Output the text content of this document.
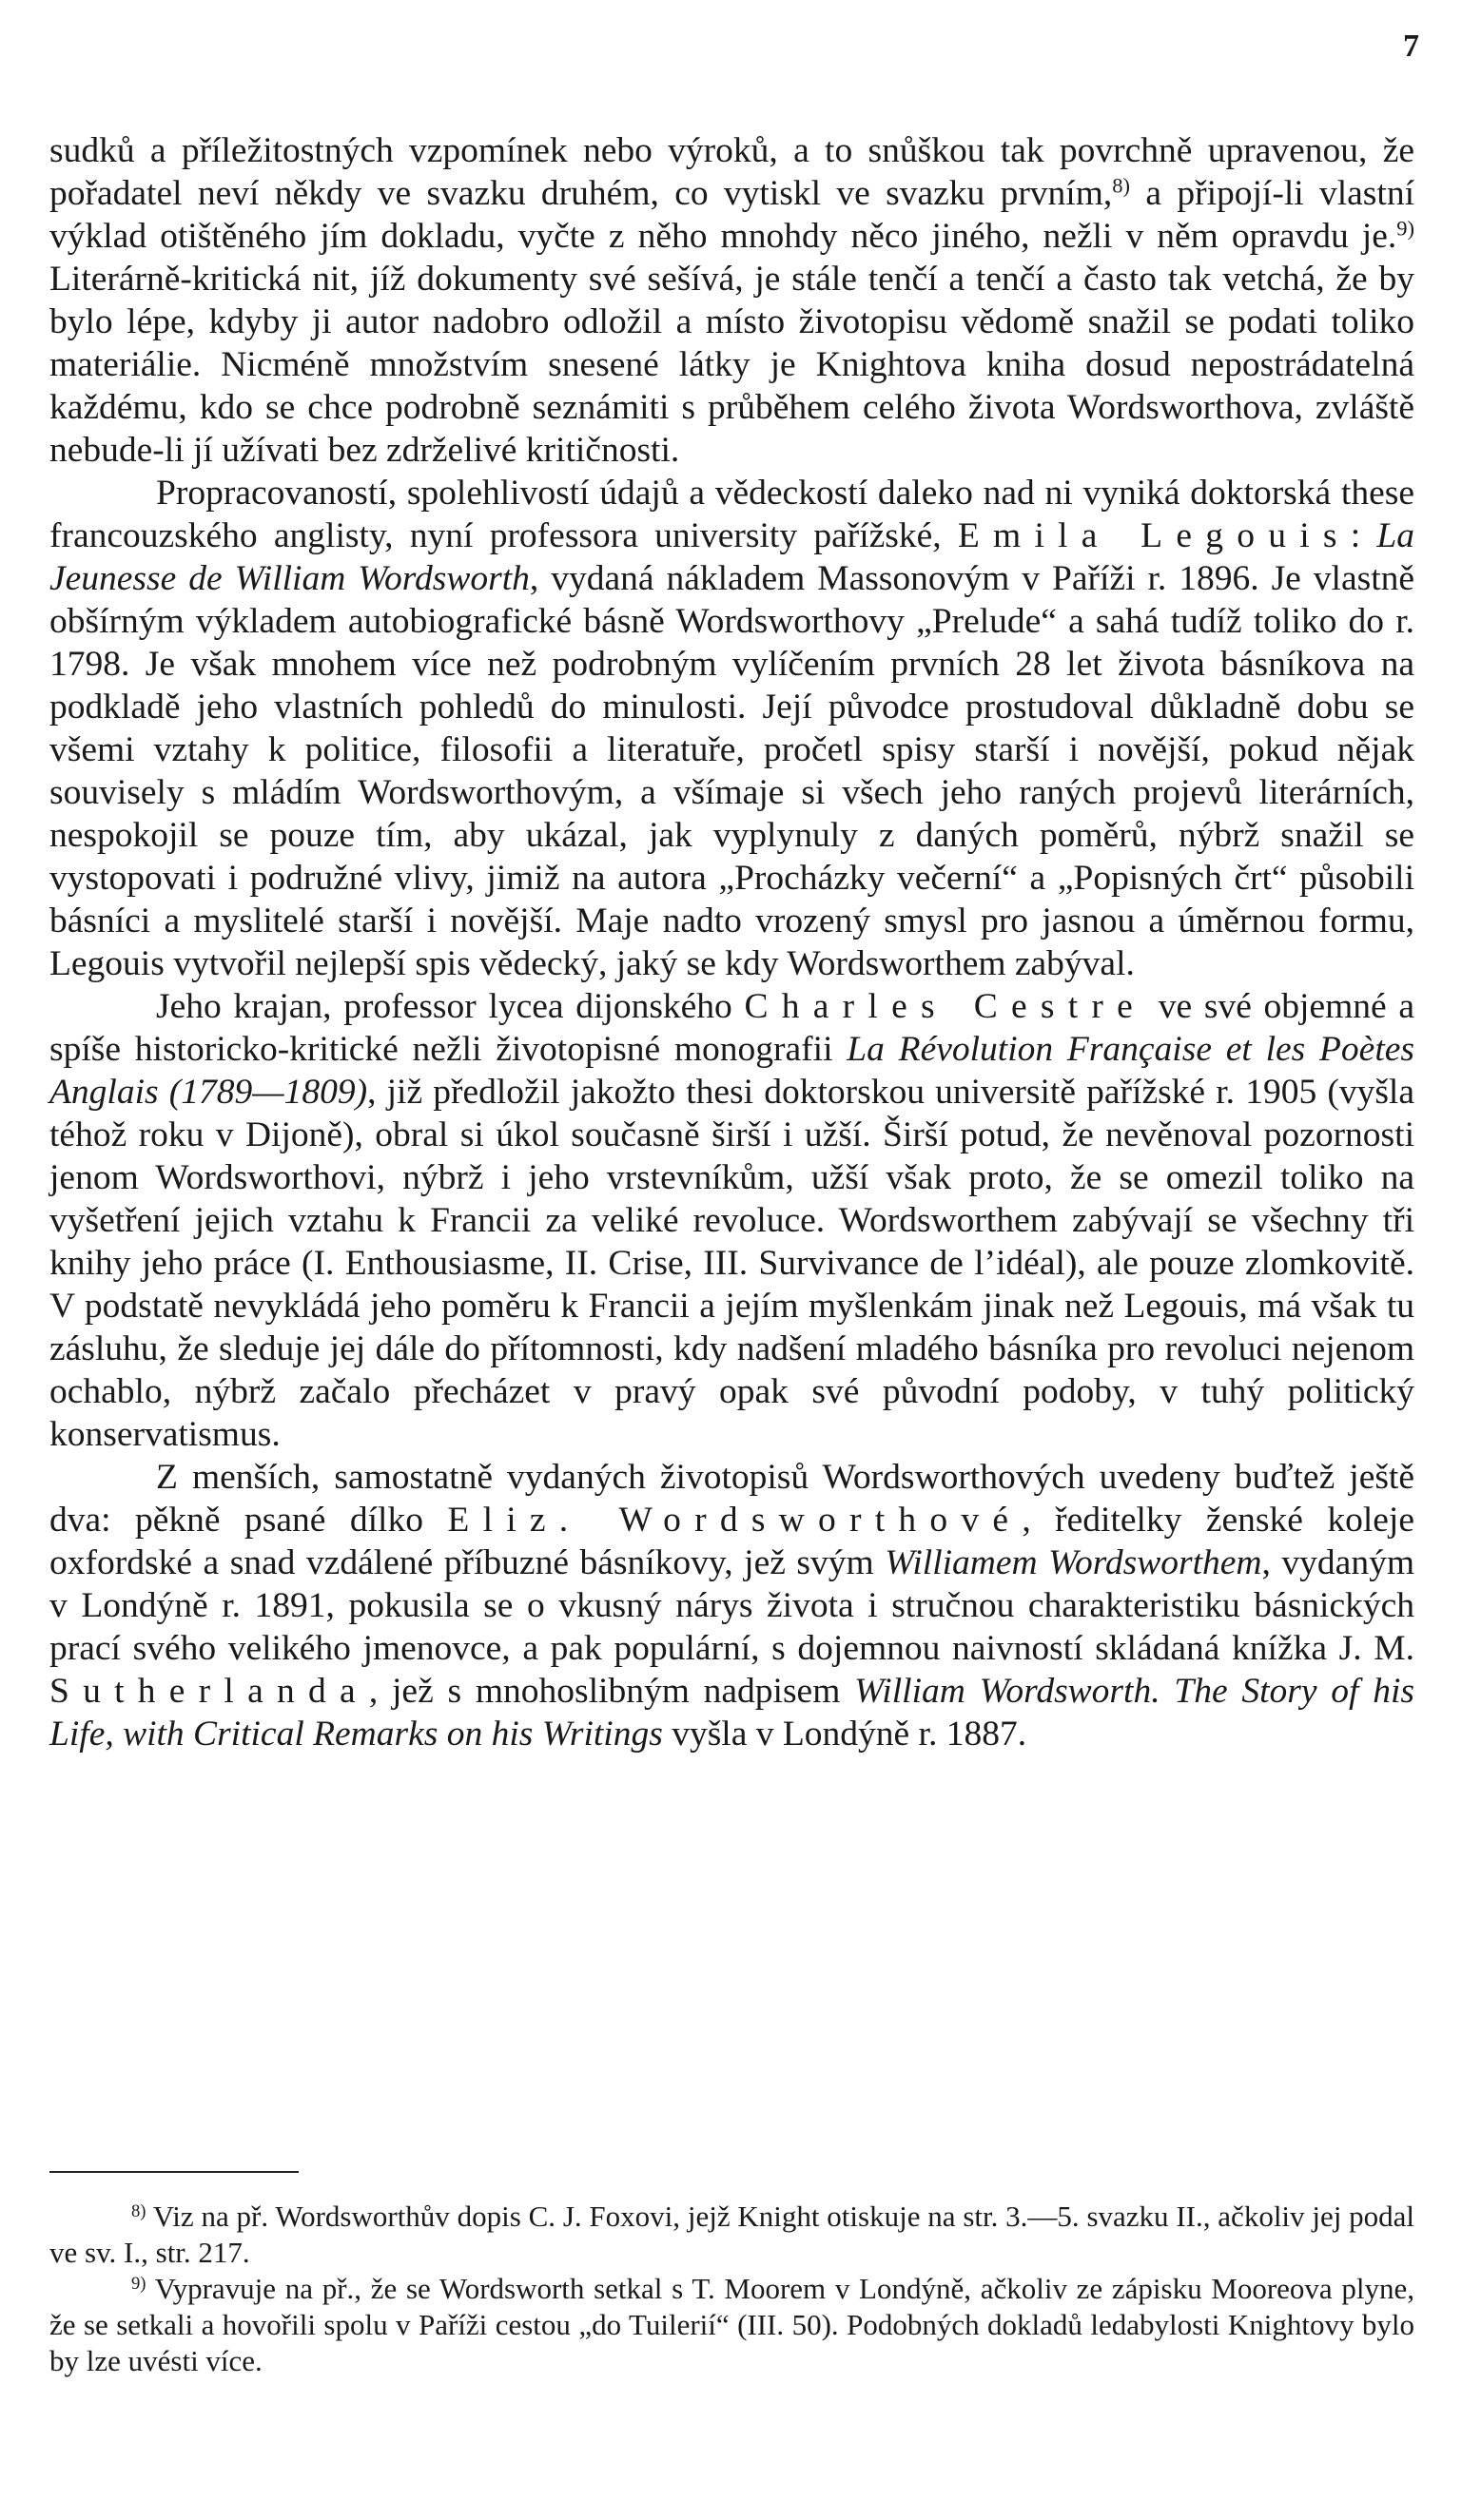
7

sudků a příležitostných vzpomínek nebo výroků, a to snůškou tak povrchně upravenou, že pořadatel neví někdy ve svazku druhém, co vytiskl ve svazku prvním,$^{8)}$ a připojí-li vlastní výklad otištěného jím dokladu, vyčte z něho mnohdy něco jiného, nežli v něm opravdu je.$^{9)}$ Literárně-kritická nit, jíž dokumenty své sešívá, je stále tenčí a tenčí a často tak vetchá, že by bylo lépe, kdyby ji autor nadobro odložil a místo životopisu vědomě snažil se podati toliko materiálie. Nicméně množstvím snesené látky je Knightova kniha dosud nepostrádatelná každému, kdo se chce podrobně seznámiti s průběhem celého života Wordsworthova, zvláště nebude-li jí užívati bez zdrželivé kritičnosti.

Propracovaností, spolehlivostí údajů a vědeckostí daleko nad ni vyniká doktorská these francouzského anglisty, nyní professora university pařížské, Emila Legouis: La Jeunesse de William Wordsworth, vydaná nákladem Massonovým v Paříži r. 1896. Je vlastně obšírným výkladem autobiografické básně Wordsworthovy „Prelude“ a sahá tudíž toliko do r. 1798. Je však mnohem více než podrobným vylíčením prvních 28 let života básníkova na podkladě jeho vlastních pohledů do minulosti. Její původce prostudoval důkladně dobu se všemi vztahy k politice, filosofii a literatuře, pročetl spisy starší i novější, pokud nějak souvisely s mládím Wordsworthovým, a všímaje si všech jeho raných projevů literárních, nespokojil se pouze tím, aby ukázal, jak vyplynuly z daných poměrů, nýbrž snažil se vystopovati i podružné vlivy, jimiž na autora „Procházky večerní“ a „Popisných črt“ působili básníci a myslitelé starší i novější. Maje nadto vrozený smysl pro jasnou a úměrnou formu, Legouis vytvořil nejlepší spis vědecký, jaký se kdy Wordsworthem zabýval.

Jeho krajan, professor lycea dijonského Charles Cestre ve své objemné a spíše historicko-kritické nežli životopisné monografii La Révolution Française et les Poètes Anglais (1789—1809), již předložil jakožto thesi doktorskou universitě pařížské r. 1905 (vyšla téhož roku v Dijoně), obral si úkol současně širší i užší. Širší potud, že nevěnoval pozornosti jenom Wordsworthovi, nýbrž i jeho vrstevníkům, užší však proto, že se omezil toliko na vyšetření jejich vztahu k Francii za veliké revoluce. Wordsworthem zabývají se všechny tři knihy jeho práce (I. Enthousiasme, II. Crise, III. Survivance de l’idéal), ale pouze zlomkovitě. V podstatě nevykládá jeho poměru k Francii a jejím myšlenkám jinak než Legouis, má však tu zásluhu, že sleduje jej dále do přítomnosti, kdy nadšení mladého básníka pro revoluci nejenom ochablo, nýbrž začalo přecházet v pravý opak své původní podoby, v tuhý politický konservatismus.

Z menších, samostatně vydaných životopisů Wordsworthových uvedeny buďtež ještě dva: pěkně psané dílko Eliz. Wordsworthové, ředitelky ženské koleje oxfordské a snad vzdálené příbuzné básníkovy, jež svým Williamem Wordsworthem, vydaným v Londýně r. 1891, pokusila se o vkusný nárys života i stručnou charakteristiku básnických prací svého velikého jmenovce, a pak populární, s dojemnou naivností skládaná knížka J. M. Sutherlanda, jež s mnohoslibným nadpisem William Wordsworth. The Story of his Life, with Critical Remarks on his Writings vyšla v Londýně r. 1887.

$^{8)}$ Viz na př. Wordsworthův dopis C. J. Foxovi, jejž Knight otiskuje na str. 3.—5. svazku II., ačkoliv jej podal ve sv. I., str. 217.

$^{9)}$ Vypravuje na př., že se Wordsworth setkal s T. Moorem v Londýně, ačkoliv ze zápisku Mooreova plyne, že se setkali a hovořili spolu v Paříži cestou „do Tuilerií“ (III. 50). Podobných dokladů ledabylosti Knightovy bylo by lze uvésti více.
